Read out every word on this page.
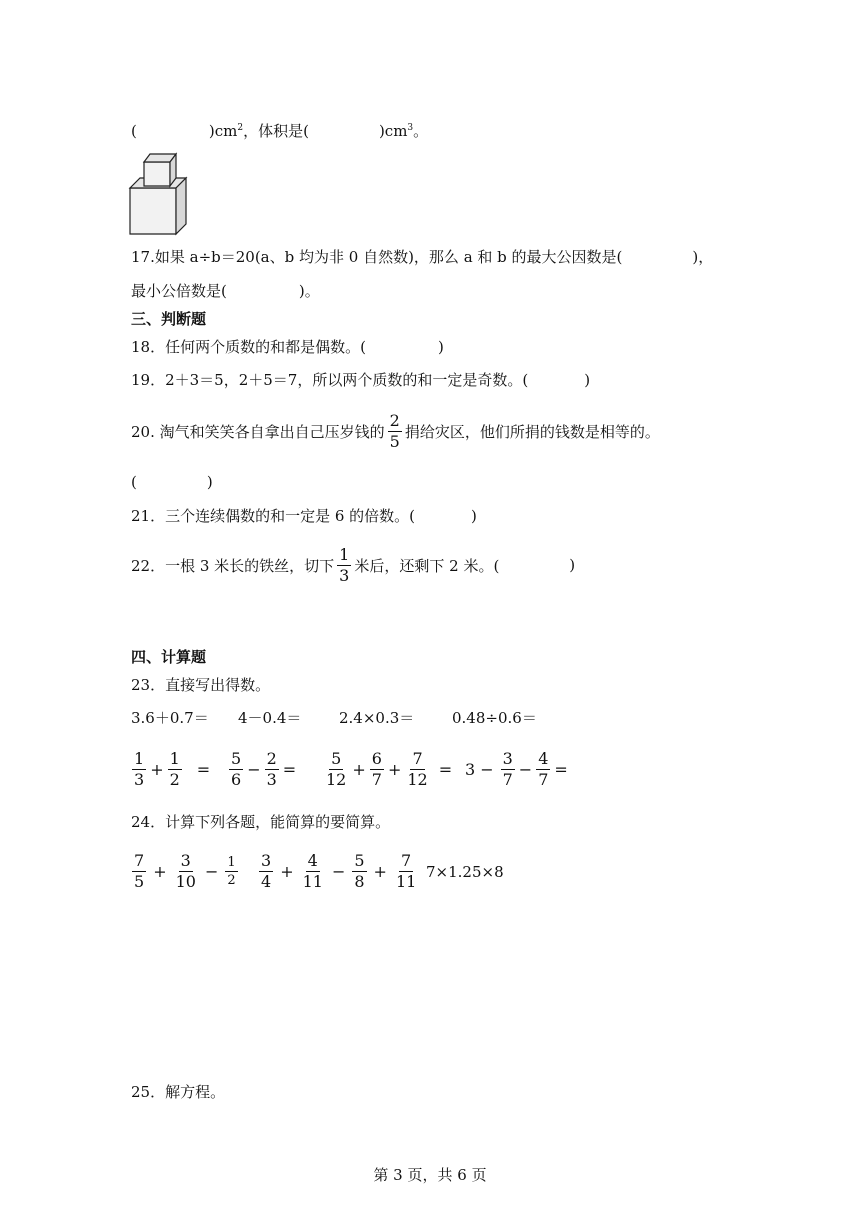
(	)$cm^2$，体积是(	)$cm^3$。
17.如果 a÷b＝20(a、b 均为非 0 自然数)，那么 a 和 b 的最大公因数是(	)，
最小公倍数是(	)。
三、判断题
18．任何两个质数的和都是偶数。(	)
19．2＋3＝5，2＋5＝7，所以两个质数的和一定是奇数。(	)
20. 淘气和笑笑各自拿出自己压岁钱的 $\frac{2}{5}$ 捐给灾区，他们所捐的钱数是相等的。
(	)
21．三个连续偶数的和一定是 6 的倍数。(	)
22．一根 3 米长的铁丝，切下 $\frac{1}{3}$ 米后，还剩下 2 米。(	)
四、计算题
23．直接写出得数。
3.6＋0.7＝ 4－0.4＝	2.4×0.3＝	0.48÷0.6＝
$\frac{1}{3} + \frac{1}{2} = \frac{5}{6} - \frac{2}{3} = \frac{5}{12} + \frac{6}{7} + \frac{7}{12} = 3 - \frac{3}{7} - \frac{4}{7}$ =
24．计算下列各题，能简算的要简算。
$\frac{7}{5} + \frac{3}{10} - \frac{1}{2} \frac{3}{4} + \frac{4}{11} - \frac{5}{8} + \frac{7}{11} 7\times 1.25\times 8$
25．解方程。
第 3 页，共 6 页
